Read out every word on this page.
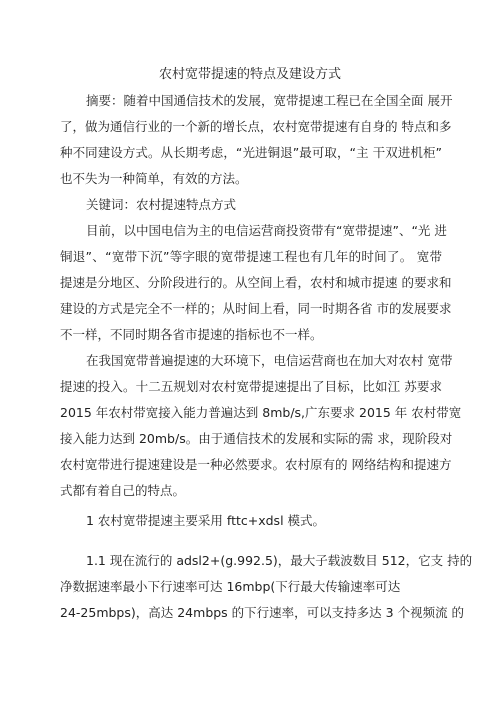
农村宽带提速的特点及建设方式
摘要：随着中国通信技术的发展，宽带提速工程已在全国全面 展开
了，做为通信行业的一个新的增长点，农村宽带提速有自身的 特点和多
种不同建设方式。从长期考虑，“光进铜退”最可取，“主 干双进机柜”
也不失为一种简单，有效的方法。
关键词：农村提速特点方式
目前，以中国电信为主的电信运营商投资带有“宽带提速”、“光 进
铜退”、“宽带下沉”等字眼的宽带提速工程也有几年的时间了。 宽带
提速是分地区、分阶段进行的。从空间上看，农村和城市提速 的要求和
建设的方式是完全不一样的；从时间上看，同一时期各省 市的发展要求
不一样，不同时期各省市提速的指标也不一样。
在我国宽带普遍提速的大环境下，电信运营商也在加大对农村 宽带
提速的投入。十二五规划对农村宽带提速提出了目标，比如江 苏要求
2015 年农村带宽接入能力普遍达到 8mb/s,广东要求 2015 年 农村带宽
接入能力达到 20mb/s。由于通信技术的发展和实际的需 求，现阶段对
农村宽带进行提速建设是一种必然要求。农村原有的 网络结构和提速方
式都有着自己的特点。
1 农村宽带提速主要采用 fttc+xdsl 模式。
1.1 现在流行的 adsl2+(g.992.5)，最大子载波数目 512，它支 持的
净数据速率最小下行速率可达 16mbp(下行最大传输速率可达
24-25mbps)，高达 24mbps 的下行速率，可以支持多达 3 个视频流 的
